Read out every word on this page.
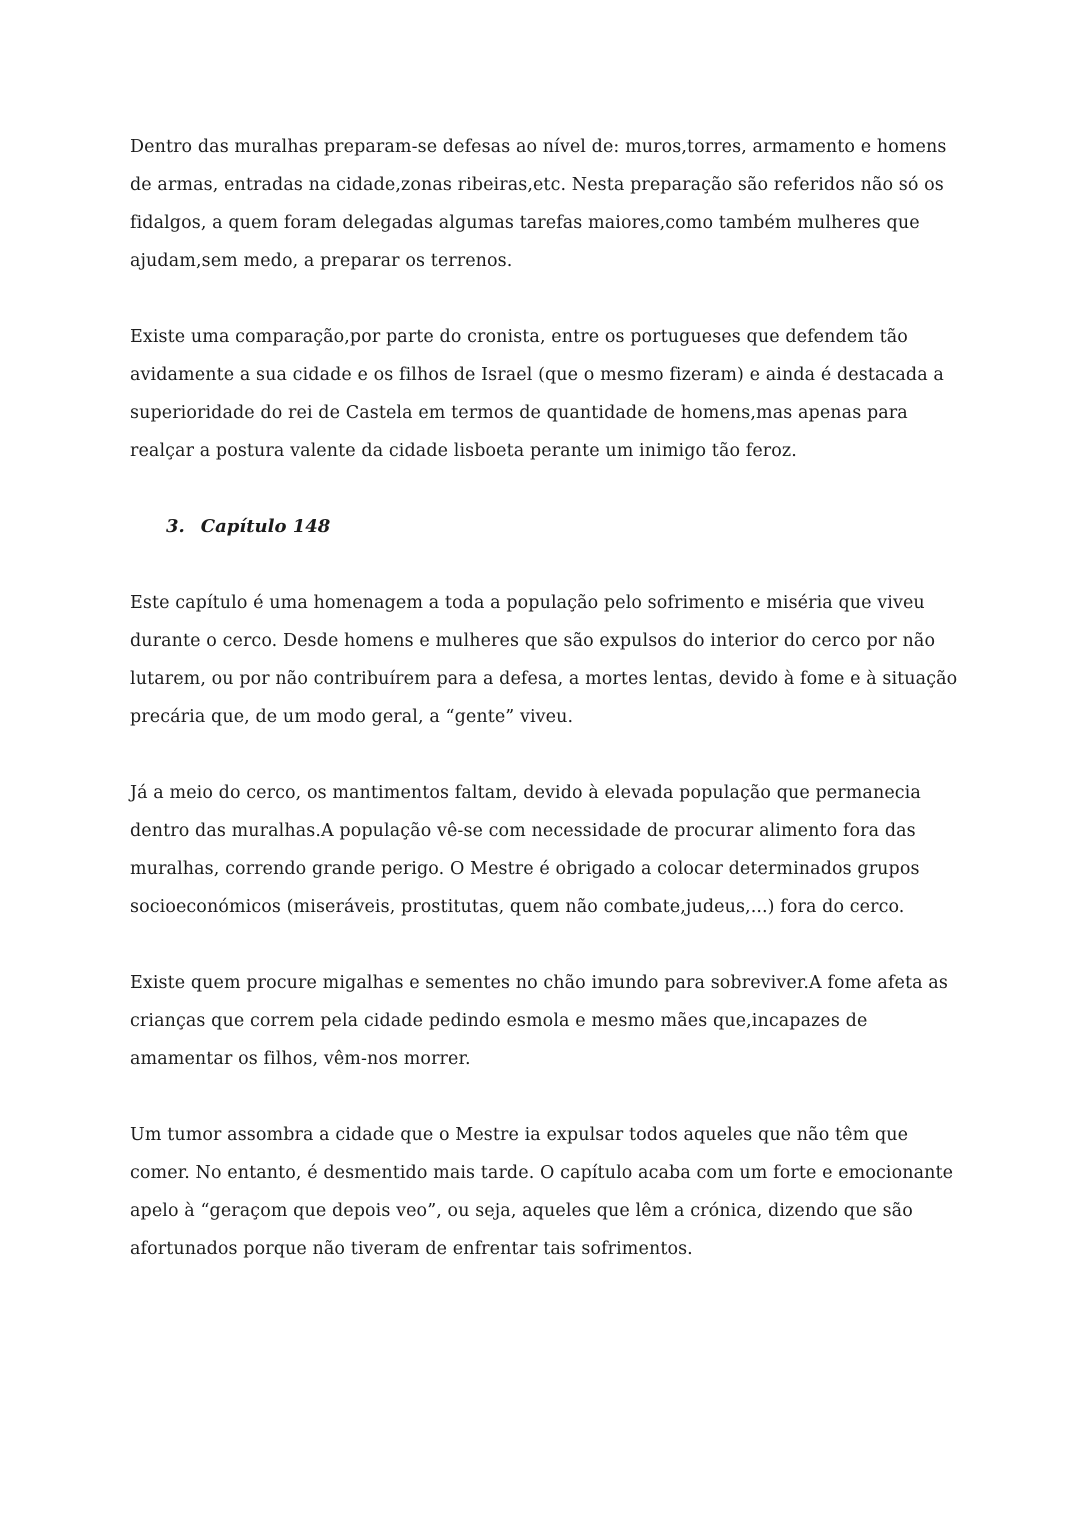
Dentro das muralhas preparam-se defesas ao nível de: muros,torres, armamento e homens de armas, entradas na cidade,zonas ribeiras,etc. Nesta preparação são referidos não só os fidalgos, a quem foram delegadas algumas tarefas maiores,como também mulheres que ajudam,sem medo, a preparar os terrenos.

Existe uma comparação,por parte do cronista, entre os portugueses que defendem tão avidamente a sua cidade e os filhos de Israel (que o mesmo fizeram) e ainda é destacada a superioridade do rei de Castela em termos de quantidade de homens,mas apenas para realçar a postura valente da cidade lisboeta perante um inimigo tão feroz.

3. Capítulo 148

Este capítulo é uma homenagem a toda a população pelo sofrimento e miséria que viveu durante o cerco. Desde homens e mulheres que são expulsos do interior do cerco por não lutarem, ou por não contribuírem para a defesa, a mortes lentas, devido à fome e à situação precária que, de um modo geral, a “gente” viveu.

Já a meio do cerco, os mantimentos faltam, devido à elevada população que permanecia dentro das muralhas.A população vê-se com necessidade de procurar alimento fora das muralhas, correndo grande perigo. O Mestre é obrigado a colocar determinados grupos socioeconómicos (miseráveis, prostitutas, quem não combate,judeus,...) fora do cerco.

Existe quem procure migalhas e sementes no chão imundo para sobreviver.A fome afeta as crianças que correm pela cidade pedindo esmola e mesmo mães que,incapazes de amamentar os filhos, vêm-nos morrer.

Um tumor assombra a cidade que o Mestre ia expulsar todos aqueles que não têm que comer. No entanto, é desmentido mais tarde. O capítulo acaba com um forte e emocionante apelo à “geraçom que depois veo”, ou seja, aqueles que lêm a crónica, dizendo que são afortunados porque não tiveram de enfrentar tais sofrimentos.
